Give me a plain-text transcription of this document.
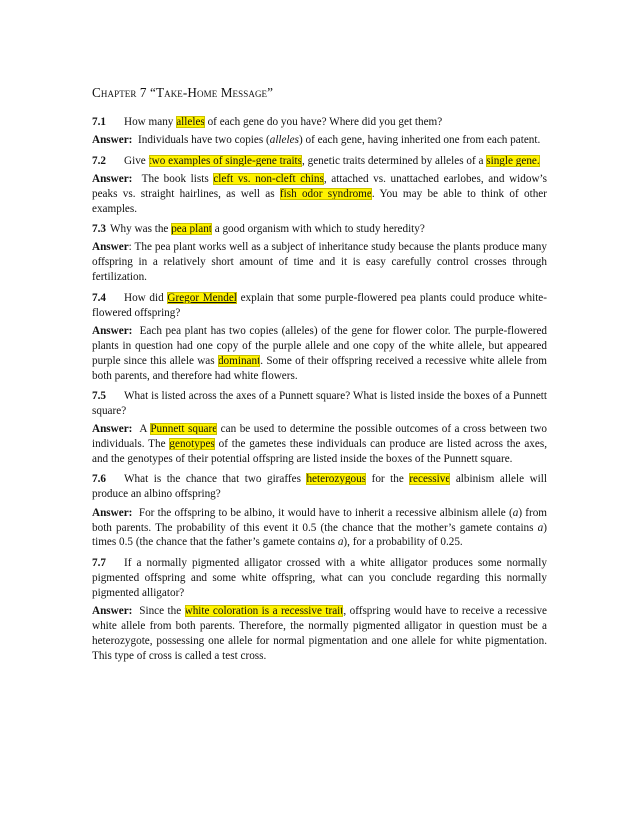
Chapter 7 “Take-Home Message”

7.1 How many alleles of each gene do you have? Where did you get them?

Answer: Individuals have two copies (alleles) of each gene, having inherited one from each patent.

7.2 Give two examples of single-gene traits, genetic traits determined by alleles of a single gene.

Answer: The book lists cleft vs. non-cleft chins, attached vs. unattached earlobes, and widow’s peaks vs. straight hairlines, as well as fish odor syndrome. You may be able to think of other examples.

7.3 Why was the pea plant a good organism with which to study heredity?

Answer: The pea plant works well as a subject of inheritance study because the plants produce many offspring in a relatively short amount of time and it is easy carefully control crosses through fertilization.

7.4 How did Gregor Mendel explain that some purple-flowered pea plants could produce white-flowered offspring?

Answer: Each pea plant has two copies (alleles) of the gene for flower color. The purple-flowered plants in question had one copy of the purple allele and one copy of the white allele, but appeared purple since this allele was dominant. Some of their offspring received a recessive white allele from both parents, and therefore had white flowers.

7.5 What is listed across the axes of a Punnett square? What is listed inside the boxes of a Punnett square?

Answer: A Punnett square can be used to determine the possible outcomes of a cross between two individuals. The genotypes of the gametes these individuals can produce are listed across the axes, and the genotypes of their potential offspring are listed inside the boxes of the Punnett square.

7.6 What is the chance that two giraffes heterozygous for the recessive albinism allele will produce an albino offspring?

Answer: For the offspring to be albino, it would have to inherit a recessive albinism allele (a) from both parents. The probability of this event it 0.5 (the chance that the mother’s gamete contains a) times 0.5 (the chance that the father’s gamete contains a), for a probability of 0.25.

7.7 If a normally pigmented alligator crossed with a white alligator produces some normally pigmented offspring and some white offspring, what can you conclude regarding this normally pigmented alligator?

Answer: Since the white coloration is a recessive trait, offspring would have to receive a recessive white allele from both parents. Therefore, the normally pigmented alligator in question must be a heterozygote, possessing one allele for normal pigmentation and one allele for white pigmentation. This type of cross is called a test cross.
